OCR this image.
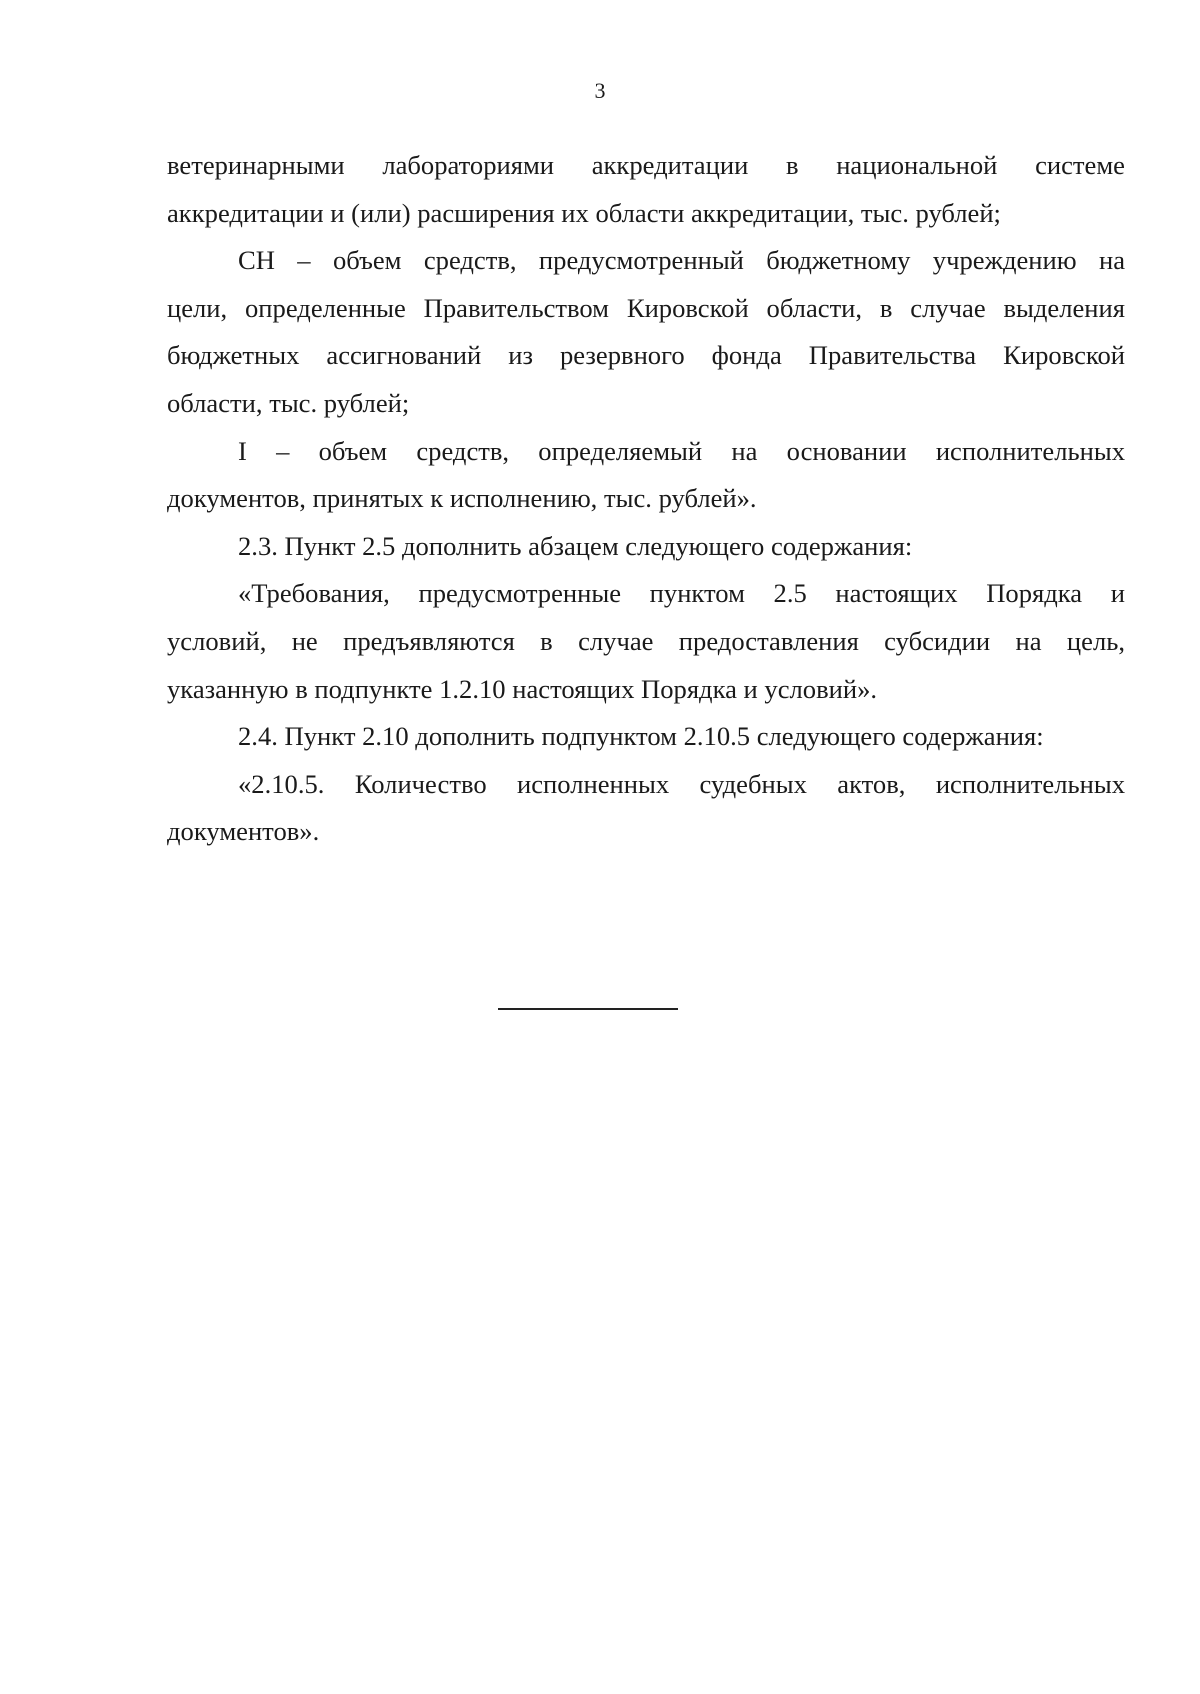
3
ветеринарными лабораториями аккредитации в национальной системе
аккредитации и (или) расширения их области аккредитации, тыс. рублей;
СН – объем средств, предусмотренный бюджетному учреждению на
цели, определенные Правительством Кировской области, в случае выделения
бюджетных ассигнований из резервного фонда Правительства Кировской
области, тыс. рублей;
I – объем средств, определяемый на основании исполнительных
документов, принятых к исполнению, тыс. рублей».
2.3. Пункт 2.5 дополнить абзацем следующего содержания:
«Требования, предусмотренные пунктом 2.5 настоящих Порядка и
условий, не предъявляются в случае предоставления субсидии на цель,
указанную в подпункте 1.2.10 настоящих Порядка и условий».
2.4. Пункт 2.10 дополнить подпунктом 2.10.5 следующего содержания:
«2.10.5. Количество исполненных судебных актов, исполнительных
документов».
